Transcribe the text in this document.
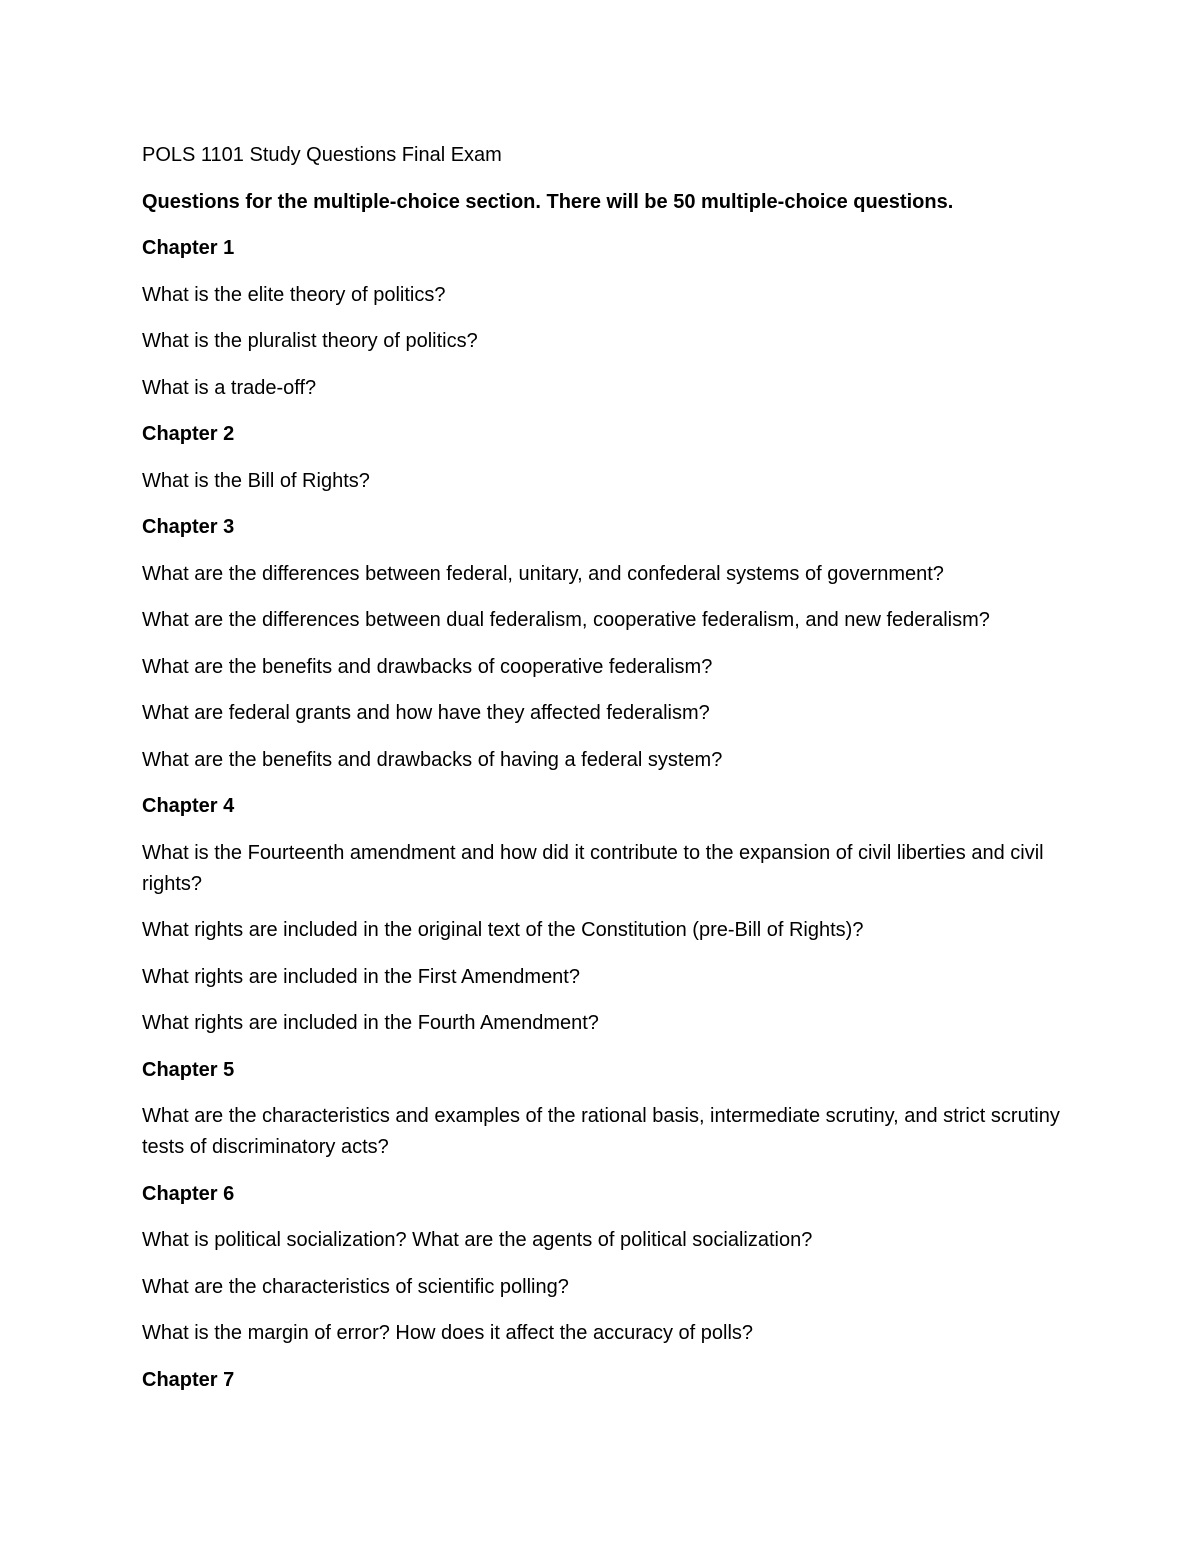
POLS 1101 Study Questions Final Exam
Questions for the multiple-choice section. There will be 50 multiple-choice questions.
Chapter 1
What is the elite theory of politics?
What is the pluralist theory of politics?
What is a trade-off?
Chapter 2
What is the Bill of Rights?
Chapter 3
What are the differences between federal, unitary, and confederal systems of government?
What are the differences between dual federalism, cooperative federalism, and new federalism?
What are the benefits and drawbacks of cooperative federalism?
What are federal grants and how have they affected federalism?
What are the benefits and drawbacks of having a federal system?
Chapter 4
What is the Fourteenth amendment and how did it contribute to the expansion of civil liberties and civil rights?
What rights are included in the original text of the Constitution (pre-Bill of Rights)?
What rights are included in the First Amendment?
What rights are included in the Fourth Amendment?
Chapter 5
What are the characteristics and examples of the rational basis, intermediate scrutiny, and strict scrutiny tests of discriminatory acts?
Chapter 6
What is political socialization? What are the agents of political socialization?
What are the characteristics of scientific polling?
What is the margin of error? How does it affect the accuracy of polls?
Chapter 7
